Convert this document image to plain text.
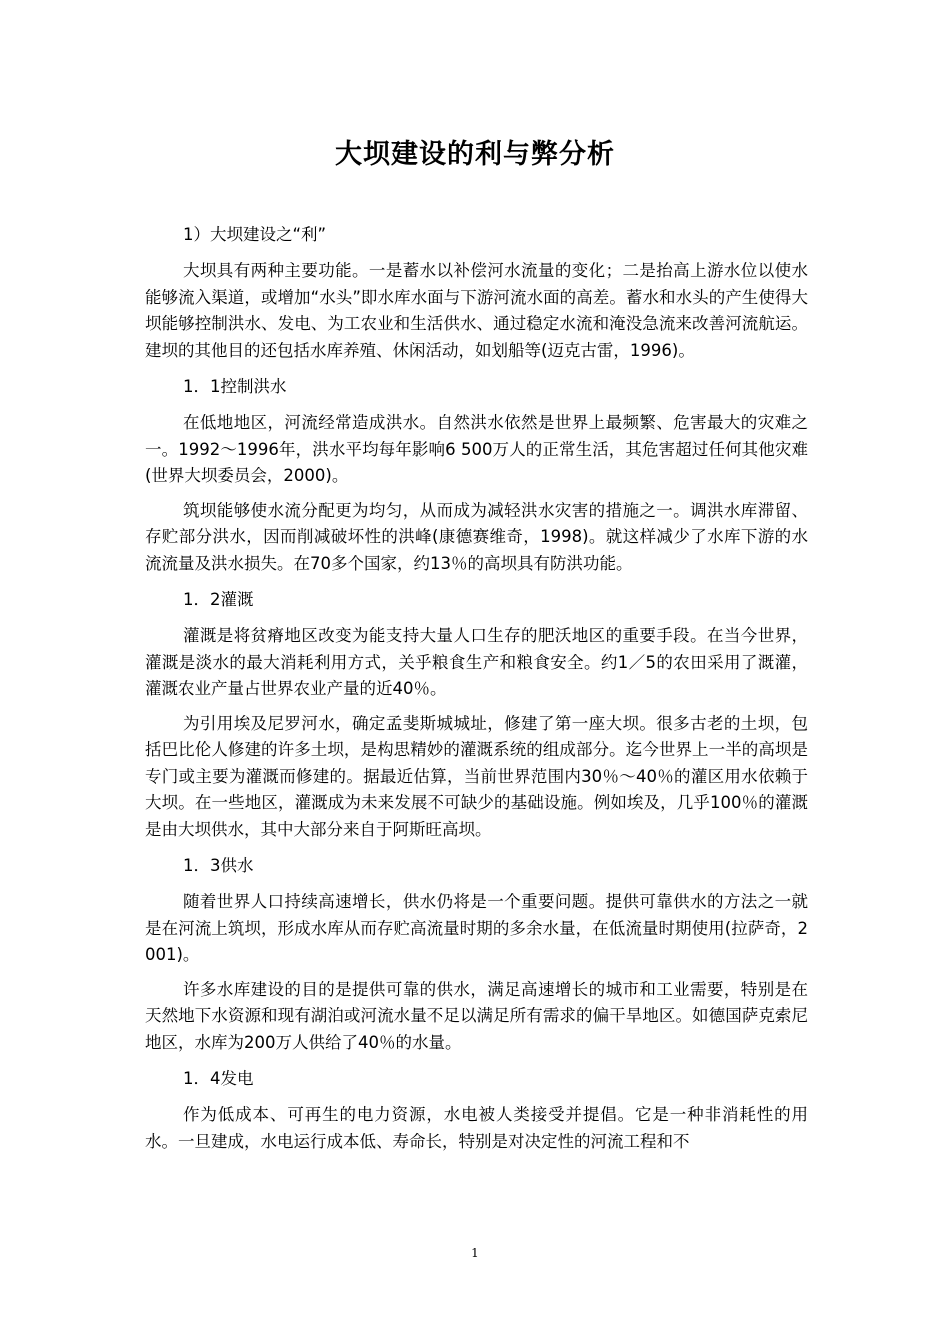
大坝建设的利与弊分析
1）大坝建设之“利”

大坝具有两种主要功能。一是蓄水以补偿河水流量的变化；二是抬高上游水位以使水能够流入渠道，或增加“水头”即水库水面与下游河流水面的高差。蓄水和水头的产生使得大坝能够控制洪水、发电、为工农业和生活供水、通过稳定水流和淹没急流来改善河流航运。建坝的其他目的还包括水库养殖、休闲活动，如划船等(迈克古雷，1996)。

1．1控制洪水

在低地地区，河流经常造成洪水。自然洪水依然是世界上最频繁、危害最大的灾难之一。1992～1996年，洪水平均每年影响6 500万人的正常生活，其危害超过任何其他灾难(世界大坝委员会，2000)。

筑坝能够使水流分配更为均匀，从而成为减轻洪水灾害的措施之一。调洪水库滞留、存贮部分洪水，因而削减破坏性的洪峰(康德赛维奇，1998)。就这样减少了水库下游的水流流量及洪水损失。在70多个国家，约13％的高坝具有防洪功能。

1．2灌溉

灌溉是将贫瘠地区改变为能支持大量人口生存的肥沃地区的重要手段。在当今世界，灌溉是淡水的最大消耗利用方式，关乎粮食生产和粮食安全。约1／5的农田采用了溉灌，灌溉农业产量占世界农业产量的近40％。

为引用埃及尼罗河水，确定孟斐斯城城址，修建了第一座大坝。很多古老的土坝，包括巴比伦人修建的许多土坝，是构思精妙的灌溉系统的组成部分。迄今世界上一半的高坝是专门或主要为灌溉而修建的。据最近估算，当前世界范围内30％～40％的灌区用水依赖于大坝。在一些地区，灌溉成为未来发展不可缺少的基础设施。例如埃及，几乎100％的灌溉是由大坝供水，其中大部分来自于阿斯旺高坝。

1．3供水

随着世界人口持续高速增长，供水仍将是一个重要问题。提供可靠供水的方法之一就是在河流上筑坝，形成水库从而存贮高流量时期的多余水量，在低流量时期使用(拉萨奇，2001)。

许多水库建设的目的是提供可靠的供水，满足高速增长的城市和工业需要，特别是在天然地下水资源和现有湖泊或河流水量不足以满足所有需求的偏干旱地区。如德国萨克索尼地区，水库为200万人供给了40％的水量。

1．4发电

作为低成本、可再生的电力资源，水电被人类接受并提倡。它是一种非消耗性的用水。一旦建成，水电运行成本低、寿命长，特别是对决定性的河流工程和不

1
